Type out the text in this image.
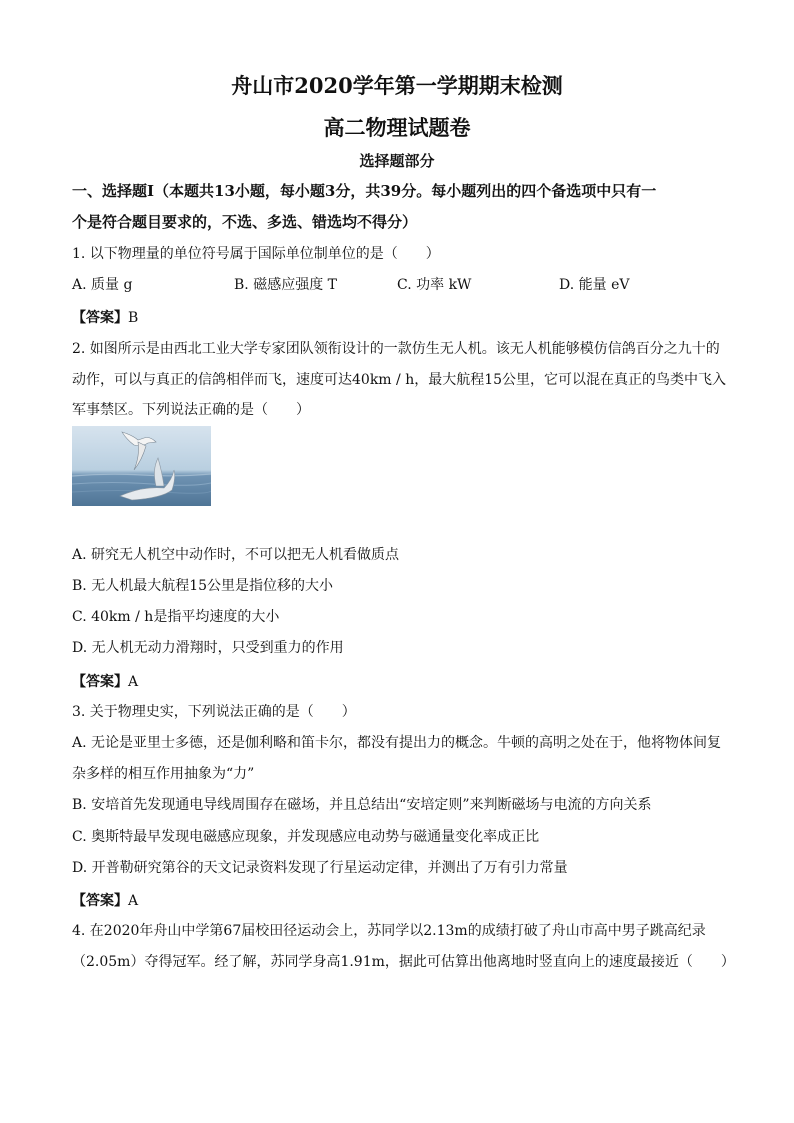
舟山市2020学年第一学期期末检测
高二物理试题卷
选择题部分
一、选择题Ⅰ（本题共13小题，每小题3分，共39分。每小题列出的四个备选项中只有一
个是符合题目要求的，不选、多选、错选均不得分）
1. 以下物理量的单位符号属于国际单位制单位的是（　　）
A. 质量 g	B. 磁感应强度 T	C. 功率 kW	D. 能量 eV
【答案】B
2. 如图所示是由西北工业大学专家团队领衔设计的一款仿生无人机。该无人机能够模仿信鸽百分之九十的
动作，可以与真正的信鸽相伴而飞，速度可达40km / h，最大航程15公里，它可以混在真正的鸟类中飞入
军事禁区。下列说法正确的是（　　）
A. 研究无人机空中动作时，不可以把无人机看做质点
B. 无人机最大航程15公里是指位移的大小
C. 40km / h是指平均速度的大小
D. 无人机无动力滑翔时，只受到重力的作用
【答案】A
3. 关于物理史实，下列说法正确的是（　　）
A. 无论是亚里士多德，还是伽利略和笛卡尔，都没有提出力的概念。牛顿的高明之处在于，他将物体间复
杂多样的相互作用抽象为“力”
B. 安培首先发现通电导线周围存在磁场，并且总结出“安培定则”来判断磁场与电流的方向关系
C. 奥斯特最早发现电磁感应现象，并发现感应电动势与磁通量变化率成正比
D. 开普勒研究第谷的天文记录资料发现了行星运动定律，并测出了万有引力常量
【答案】A
4. 在2020年舟山中学第67届校田径运动会上，苏同学以2.13m的成绩打破了舟山市高中男子跳高纪录
（2.05m）夺得冠军。经了解，苏同学身高1.91m，据此可估算出他离地时竖直向上的速度最接近（　　）
